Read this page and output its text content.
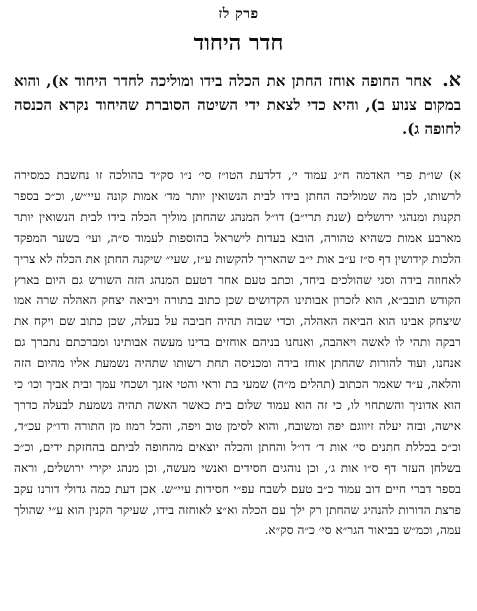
פרק לז
חדר היחוד
א. אחר החופה אוחז החתן את הכלה בידו ומוליכה לחדר היחוד א), והוא במקום צנוע ב), והיא כדי לצאת ידי השיטה הסוברת שהיחוד נקרא הכנסה לחופה ג).
א) שו״ת פרי האדמה ח״ג עמוד י׳, דלדעת הטו״ז סי׳ נ״ו סק״ד בהולכה זו נחשבת כמסירה לרשותו, לכן מה שמוליכה החתן בידו לבית הנשואין יותר מד׳ אמות קונה עיי״ש, וכ״כ בספר תקנות ומנהגי ירושלים (שנת תרי״ב) דו״ל המנהג שהחתן מוליך הכלה בידו לבית הנשואין יותר מארבע אמות כשהיא טהורה, הובא בעדות לישראל בהוספות לעמוד ס״ה, ועי׳ בשער המפקד הלכות קידושין דף ס״ז ע״ב אות י״ב שהאריך להקשות ע״ז, שעי״ שיקנה החתן את הכלה לא צריך לאחוזה בידה וסגי שהולכים ביחד, וכתב טעם אחר דטעם המנהג הזה השורש גם היום בארץ הקודש תובב״א, הוא לזכרון אבותינו הקדושים שכן כתוב בתורה ויביאה יצחק האהלה שרה אמו שיצחק אבינו הוא הביאה האהלה, וכדי שבזה תהיה חביבה על בעלה, שכן כתוב שם ויקח את רבקה ותהי לו לאשה ויאהבה, ואנחנו בניהם אוחזים בדינו מעשה אבותינו ומברכתם נתברך גם אנחנו, ועוד להורות שהחתן אוחז בידה ומכניסה תחת רשותו שתהיה נשמעת אליו מהיום הזה והלאה, ע״ד שאמר הכתוב (תהלים מ״ה) שמעי בת וראי והטי אזנך ושכחי עמך ובית אביך וכו׳ כי הוא אדוניך והשתחוי לו, כי זה הוא עמוד שלום בית כאשר האשה תהיה נשמעת לבעלה כדרך אישה, ובזה יעלה זיווגם יפה ומשובח, והוא לסימן טוב ויפה, והכל רמוז מן התורה ודו״ק עכ״ד, וכ״כ בכללת חתנים סי׳ אות ד׳ דו״ל והחתן והכלה יוצאים מהחופה לביתם בהחזקת ידים, וכ״כ בשלחן העזר דף ס״ו אות ג׳, וכן נוהגים חסידים ואנשי מעשה, וכן מנהג יקירי ירושלים, וראה בספר דברי חיים דוב עמוד כ״ב טעם לשבח עפ״י חסידות עיי״ש. אכן דעת כמה גדולי דורנו עקב פרצת הדורות להנהיג שהחתן רק ילך עם הכלה וא״צ לאוחזה בידו, שעיקר הקנין הוא ע״י שהולך עמה, וכמ״ש בביאור הגר״א סי׳ כ״ה סק״א.
